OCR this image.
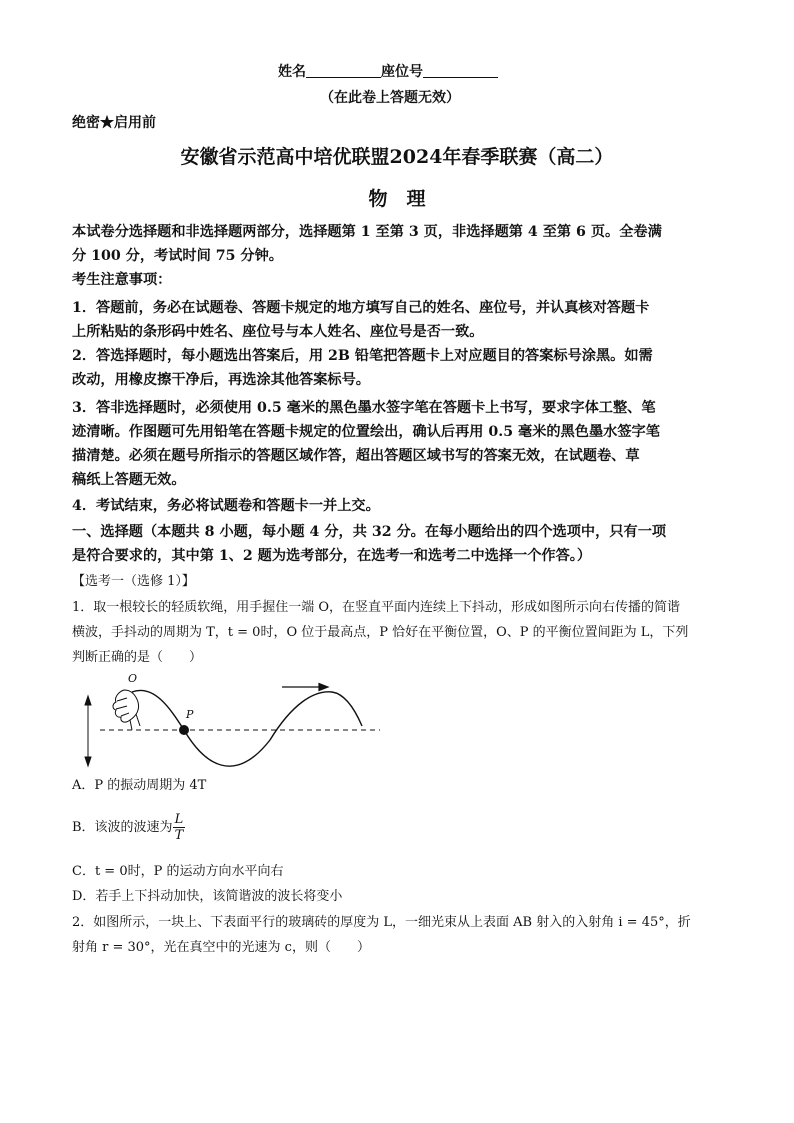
姓名	座位号
（在此卷上答题无效）
绝密★启用前
安徽省示范高中培优联盟2024年春季联赛（高二）
物　理
本试卷分选择题和非选择题两部分，选择题第 1 至第 3 页，非选择题第 4 至第 6 页。全卷满
分 100 分，考试时间 75 分钟。
考生注意事项：
1．答题前，务必在试题卷、答题卡规定的地方填写自己的姓名、座位号，并认真核对答题卡
上所粘贴的条形码中姓名、座位号与本人姓名、座位号是否一致。
2．答选择题时，每小题选出答案后，用 2B 铅笔把答题卡上对应题目的答案标号涂黑。如需
改动，用橡皮擦干净后，再选涂其他答案标号。
3．答非选择题时，必须使用 0.5 毫米的黑色墨水签字笔在答题卡上书写，要求字体工整、笔
迹清晰。作图题可先用铅笔在答题卡规定的位置绘出，确认后再用 0.5 毫米的黑色墨水签字笔
描清楚。必须在题号所指示的答题区域作答，超出答题区域书写的答案无效，在试题卷、草
稿纸上答题无效。
4．考试结束，务必将试题卷和答题卡一并上交。
一、选择题（本题共 8 小题，每小题 4 分，共 32 分。在每小题给出的四个选项中，只有一项
是符合要求的，其中第 1、2 题为选考部分，在选考一和选考二中选择一个作答。）
【选考一（选修 1）】
1．取一根较长的轻质软绳，用手握住一端 O，在竖直平面内连续上下抖动，形成如图所示向右传播的简谐
横波，手抖动的周期为 T，t = 0时，O 位于最高点，P 恰好在平衡位置，O、P 的平衡位置间距为 L，下列
判断正确的是（　　）
O
P
A．P 的振动周期为 4T
B．该波的波速为 $\frac{L}{T}$
C．t = 0时，P 的运动方向水平向右
D．若手上下抖动加快，该简谐波的波长将变小
2．如图所示，一块上、下表面平行的玻璃砖的厚度为 L，一细光束从上表面 AB 射入的入射角 i = 45°，折
射角 r = 30°，光在真空中的光速为 c，则（　　）
